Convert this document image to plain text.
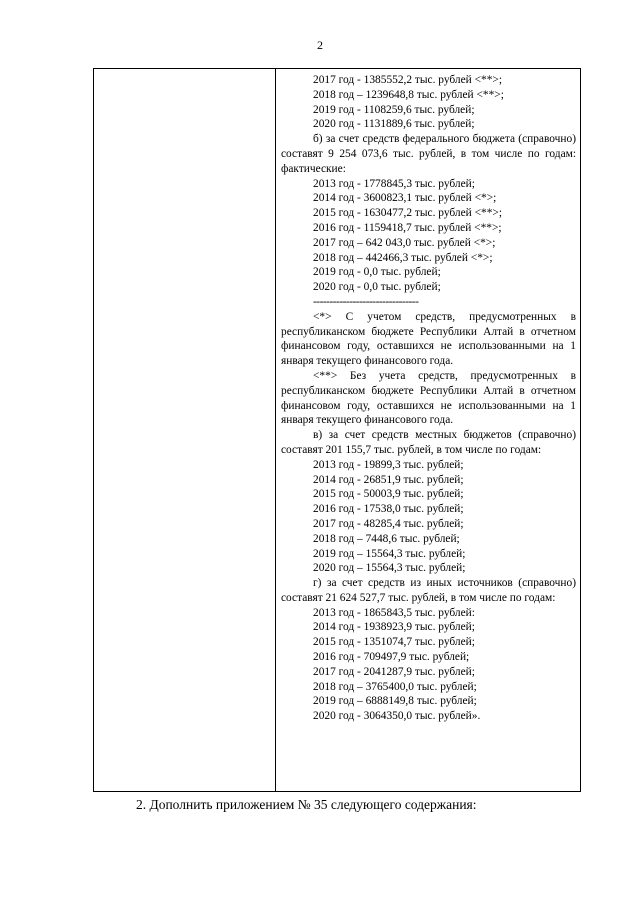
2
2017 год - 1385552,2 тыс. рублей <**>;
2018 год – 1239648,8 тыс. рублей <**>;
2019 год - 1108259,6 тыс. рублей;
2020 год - 1131889,6 тыс. рублей;
б) за счет средств федерального бюджета (справочно) составят 9 254 073,6 тыс. рублей, в том числе по годам: фактические:
2013 год - 1778845,3 тыс. рублей;
2014 год - 3600823,1 тыс. рублей <*>;
2015 год - 1630477,2 тыс. рублей <**>;
2016 год - 1159418,7 тыс. рублей <**>;
2017 год – 642 043,0 тыс. рублей <*>;
2018 год – 442466,3 тыс. рублей <*>;
2019 год - 0,0 тыс. рублей;
2020 год - 0,0 тыс. рублей;
--------------------------------
<*> С учетом средств, предусмотренных в республиканском бюджете Республики Алтай в отчетном финансовом году, оставшихся не использованными на 1 января текущего финансового года.
<**> Без учета средств, предусмотренных в республиканском бюджете Республики Алтай в отчетном финансовом году, оставшихся не использованными на 1 января текущего финансового года.
в) за счет средств местных бюджетов (справочно) составят 201 155,7 тыс. рублей, в том числе по годам:
2013 год - 19899,3 тыс. рублей;
2014 год - 26851,9 тыс. рублей;
2015 год - 50003,9 тыс. рублей;
2016 год - 17538,0 тыс. рублей;
2017 год - 48285,4 тыс. рублей;
2018 год – 7448,6 тыс. рублей;
2019 год – 15564,3 тыс. рублей;
2020 год – 15564,3 тыс. рублей;
г) за счет средств из иных источников (справочно) составят 21 624 527,7 тыс. рублей, в том числе по годам:
2013 год - 1865843,5 тыс. рублей:
2014 год - 1938923,9 тыс. рублей;
2015 год - 1351074,7 тыс. рублей;
2016 год - 709497,9 тыс. рублей;
2017 год - 2041287,9 тыс. рублей;
2018 год – 3765400,0 тыс. рублей;
2019 год – 6888149,8 тыс. рублей;
2020 год - 3064350,0 тыс. рублей».
2. Дополнить приложением № 35 следующего содержания:
